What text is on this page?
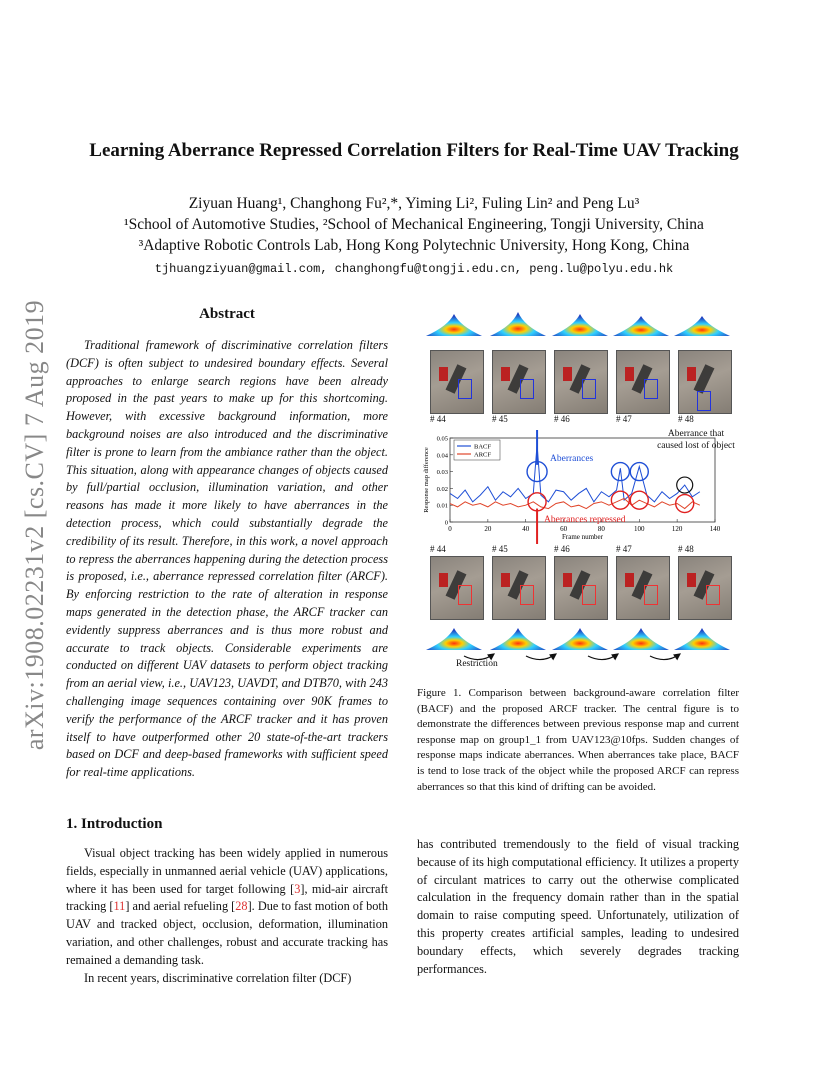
arXiv:1908.02231v2 [cs.CV] 7 Aug 2019
Learning Aberrance Repressed Correlation Filters for Real-Time UAV Tracking
Ziyuan Huang¹, Changhong Fu²,*, Yiming Li², Fuling Lin² and Peng Lu³
¹School of Automotive Studies, ²School of Mechanical Engineering, Tongji University, China
³Adaptive Robotic Controls Lab, Hong Kong Polytechnic University, Hong Kong, China
tjhuangziyuan@gmail.com, changhongfu@tongji.edu.cn, peng.lu@polyu.edu.hk
Abstract

Traditional framework of discriminative correlation filters (DCF) is often subject to undesired boundary effects. Several approaches to enlarge search regions have been already proposed in the past years to make up for this shortcoming. However, with excessive background information, more background noises are also introduced and the discriminative filter is prone to learn from the ambiance rather than the object. This situation, along with appearance changes of objects caused by full/partial occlusion, illumination variation, and other reasons has made it more likely to have aberrances in the detection process, which could substantially degrade the credibility of its result. Therefore, in this work, a novel approach to repress the aberrances happening during the detection process is proposed, i.e., aberrance repressed correlation filter (ARCF). By enforcing restriction to the rate of alteration in response maps generated in the detection phase, the ARCF tracker can evidently suppress aberrances and is thus more robust and accurate to track objects. Considerable experiments are conducted on different UAV datasets to perform object tracking from an aerial view, i.e., UAV123, UAVDT, and DTB70, with 243 challenging image sequences containing over 90K frames to verify the performance of the ARCF tracker and it has proven itself to have outperformed other 20 state-of-the-art trackers based on DCF and deep-based frameworks with sufficient speed for real-time applications.

1. Introduction

Visual object tracking has been widely applied in numerous fields, especially in unmanned aerial vehicle (UAV) applications, where it has been used for target following [3], mid-air aircraft tracking [11] and aerial refueling [28]. Due to fast motion of both UAV and tracked object, occlusion, deformation, illumination variation, and other challenges, robust and accurate tracking has remained a demanding task.

In recent years, discriminative correlation filter (DCF)

# 44	# 45	# 46	# 47	# 48
0	20	40	60	80	100	120	140
0
0.01
0.02
0.03
0.04
0.05
Frame number
Response map difference
BACF
ARCF
Aberrance that caused lost of object
Aberrances
Aberrances repressed
# 44	# 45	# 46	# 47	# 48
Restriction
Figure 1. Comparison between background-aware correlation filter (BACF) and the proposed ARCF tracker. The central figure is to demonstrate the differences between previous response map and current response map on group1_1 from UAV123@10fps. Sudden changes of response maps indicate aberrances. When aberrances take place, BACF is tend to lose track of the object while the proposed ARCF can repress aberrances so that this kind of drifting can be avoided.

has contributed tremendously to the field of visual tracking because of its high computational efficiency. It utilizes a property of circulant matrices to carry out the otherwise complicated calculation in the frequency domain rather than in the spatial domain to raise computing speed. Unfortunately, utilization of this property creates artificial samples, leading to undesired boundary effects, which severely degrades tracking performances.
